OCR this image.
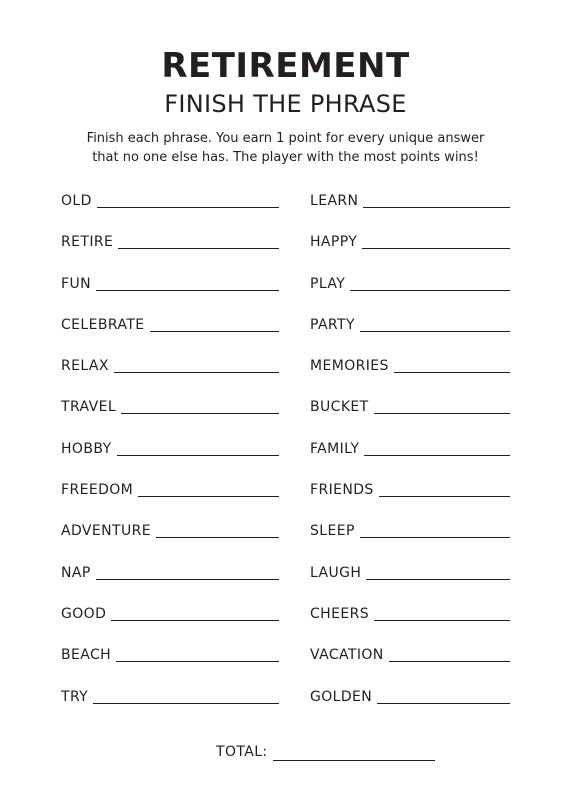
RETIREMENT
FINISH THE PHRASE
Finish each phrase. You earn 1 point for every unique answer
that no one else has. The player with the most points wins!
OLD
RETIRE
FUN
CELEBRATE
RELAX
TRAVEL
HOBBY
FREEDOM
ADVENTURE
NAP
GOOD
BEACH
TRY
LEARN
HAPPY
PLAY
PARTY
MEMORIES
BUCKET
FAMILY
FRIENDS
SLEEP
LAUGH
CHEERS
VACATION
GOLDEN
TOTAL:
